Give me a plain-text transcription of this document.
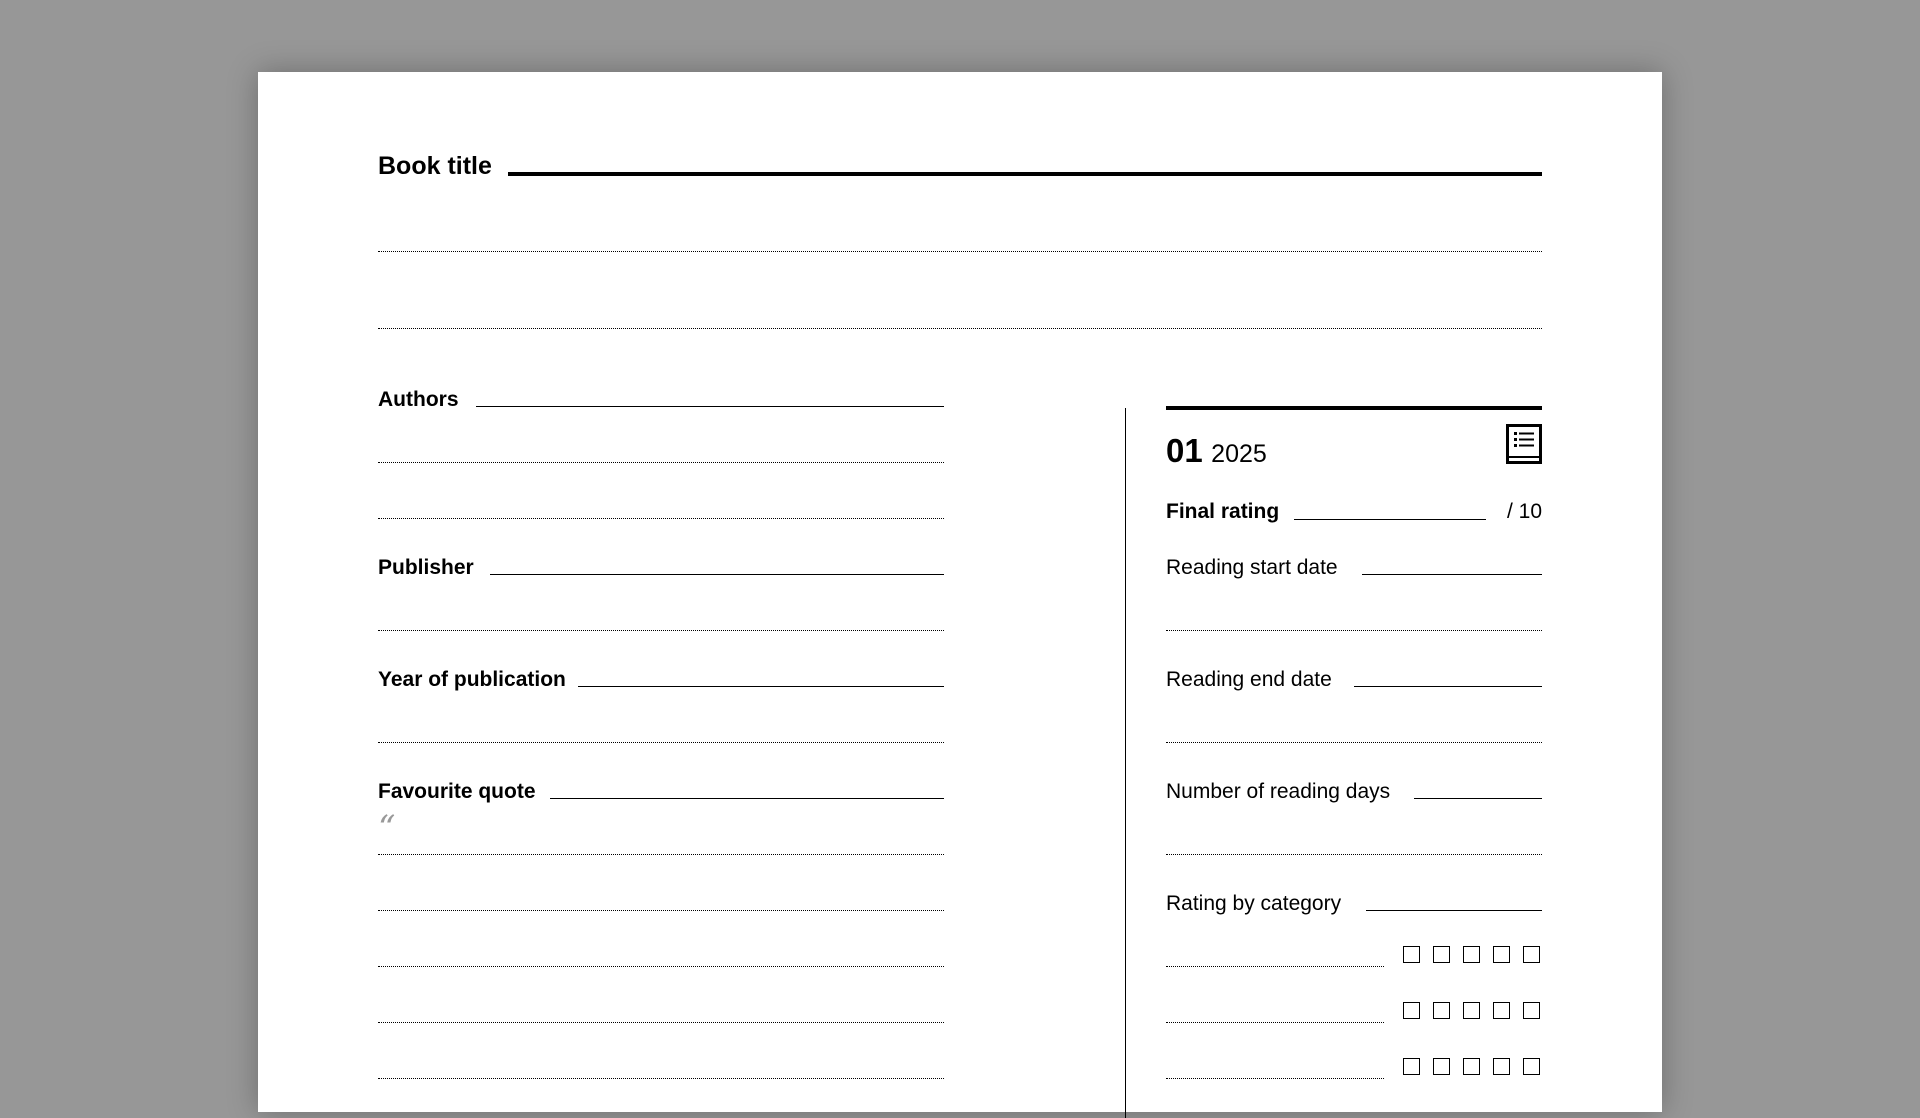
Book title
Authors
Publisher
Year of publication
Favourite quote
“
01 2025
Final rating	/ 10
Reading start date
Reading end date
Number of reading days
Rating by category
